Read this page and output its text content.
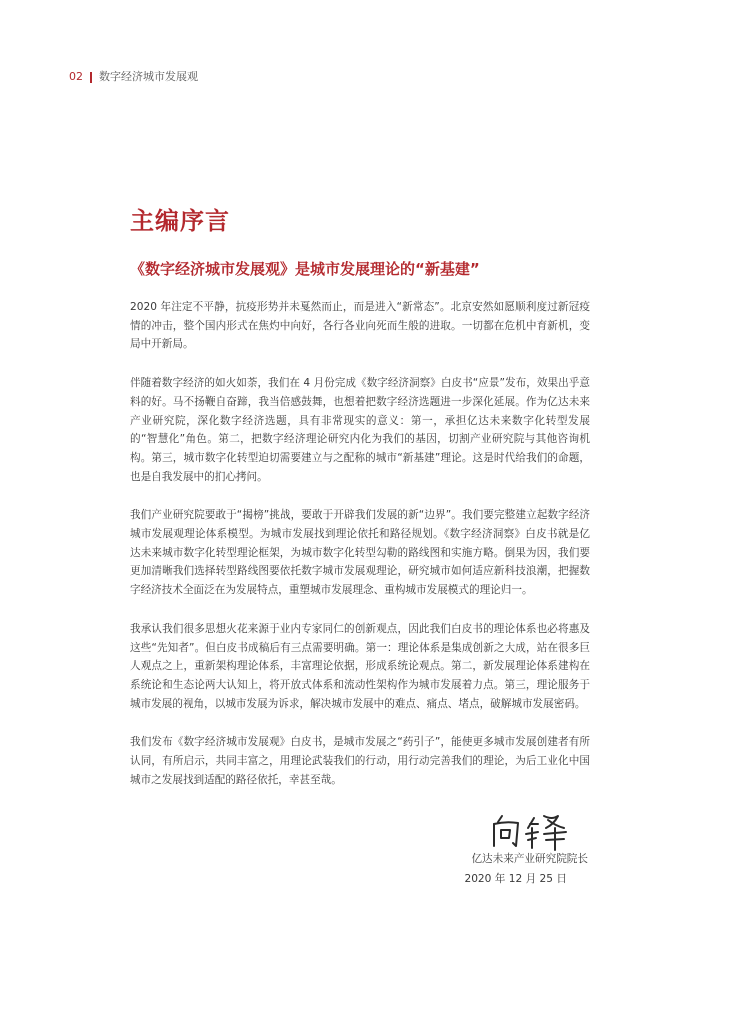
02 数字经济城市发展观
主编序言
《数字经济城市发展观》是城市发展理论的“新基建”

2020 年注定不平静，抗疫形势并未戛然而止，而是进入“新常态”。北京安然如愿顺利度过新冠疫情的冲击，整个国内形式在焦灼中向好，各行各业向死而生般的进取。一切都在危机中育新机，变局中开新局。

伴随着数字经济的如火如荼，我们在 4 月份完成《数字经济洞察》白皮书“应景”发布，效果出乎意料的好。马不扬鞭自奋蹄，我当倍感鼓舞，也想着把数字经济选题进一步深化延展。作为亿达未来产业研究院，深化数字经济选题，具有非常现实的意义：第一，承担亿达未来数字化转型发展的“智慧化”角色。第二，把数字经济理论研究内化为我们的基因，切割产业研究院与其他咨询机构。第三，城市数字化转型迫切需要建立与之配称的城市“新基建”理论。这是时代给我们的命题，也是自我发展中的扪心拷问。

我们产业研究院要敢于“揭榜”挑战，要敢于开辟我们发展的新“边界”。我们要完整建立起数字经济城市发展观理论体系模型。为城市发展找到理论依托和路径规划。《数字经济洞察》白皮书就是亿达未来城市数字化转型理论框架，为城市数字化转型勾勒的路线图和实施方略。倒果为因，我们要更加清晰我们选择转型路线图要依托数字城市发展观理论，研究城市如何适应新科技浪潮，把握数字经济技术全面泛在为发展特点，重塑城市发展理念、重构城市发展模式的理论归一。

我承认我们很多思想火花来源于业内专家同仁的创新观点，因此我们白皮书的理论体系也必将惠及这些“先知者”。但白皮书成稿后有三点需要明确。第一：理论体系是集成创新之大成，站在很多巨人观点之上，重新架构理论体系，丰富理论依据，形成系统论观点。第二，新发展理论体系建构在系统论和生态论两大认知上，将开放式体系和流动性架构作为城市发展着力点。第三，理论服务于城市发展的视角，以城市发展为诉求，解决城市发展中的难点、痛点、堵点，破解城市发展密码。

我们发布《数字经济城市发展观》白皮书，是城市发展之“药引子”，能使更多城市发展创建者有所认同，有所启示，共同丰富之，用理论武装我们的行动，用行动完善我们的理论，为后工业化中国城市之发展找到适配的路径依托，幸甚至哉。

亿达未来产业研究院院长
2020 年 12 月 25 日
